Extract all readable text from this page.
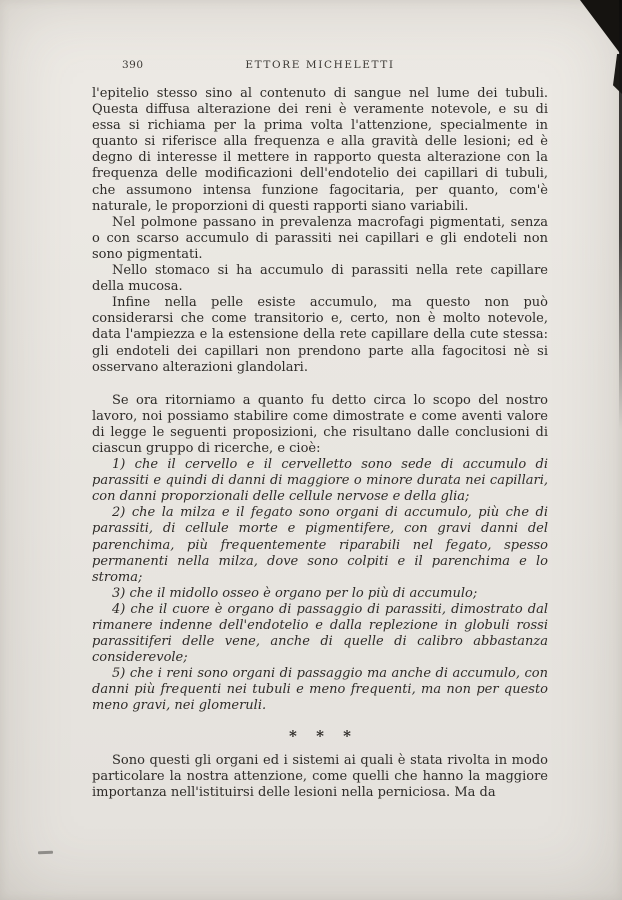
390	ETTORE MICHELETTI

l'epitelio stesso sino al contenuto di sangue nel lume dei tubuli. Questa diffusa alterazione dei reni è veramente notevole, e su di essa si richiama per la prima volta l'attenzione, specialmente in quanto si riferisce alla frequenza e alla gravità delle lesioni; ed è degno di interesse il mettere in rapporto questa alterazione con la frequenza delle modificazioni dell'endotelio dei capillari di tubuli, che assumono intensa funzione fagocitaria, per quanto, com'è naturale, le proporzioni di questi rapporti siano variabili.

Nel polmone passano in prevalenza macrofagi pigmentati, senza o con scarso accumulo di parassiti nei capillari e gli endoteli non sono pigmentati.

Nello stomaco si ha accumulo di parassiti nella rete capillare della mucosa.

Infine nella pelle esiste accumulo, ma questo non può considerarsi che come transitorio e, certo, non è molto notevole, data l'ampiezza e la estensione della rete capillare della cute stessa: gli endoteli dei capillari non prendono parte alla fagocitosi nè si osservano alterazioni glandolari.

Se ora ritorniamo a quanto fu detto circa lo scopo del nostro lavoro, noi possiamo stabilire come dimostrate e come aventi valore di legge le seguenti proposizioni, che risultano dalle conclusioni di ciascun gruppo di ricerche, e cioè:

1) che il cervello e il cervelletto sono sede di accumulo di parassiti e quindi di danni di maggiore o minore durata nei capillari, con danni proporzionali delle cellule nervose e della glia;

2) che la milza e il fegato sono organi di accumulo, più che di parassiti, di cellule morte e pigmentifere, con gravi danni del parenchima, più frequentemente riparabili nel fegato, spesso permanenti nella milza, dove sono colpiti e il parenchima e lo stroma;

3) che il midollo osseo è organo per lo più di accumulo;

4) che il cuore è organo di passaggio di parassiti, dimostrato dal rimanere indenne dell'endotelio e dalla replezione in globuli rossi parassitiferi delle vene, anche di quelle di calibro abbastanza considerevole;

5) che i reni sono organi di passaggio ma anche di accumulo, con danni più frequenti nei tubuli e meno frequenti, ma non per questo meno gravi, nei glomeruli.

* * *

Sono questi gli organi ed i sistemi ai quali è stata rivolta in modo particolare la nostra attenzione, come quelli che hanno la maggiore importanza nell'istituirsi delle lesioni nella perniciosa. Ma da
